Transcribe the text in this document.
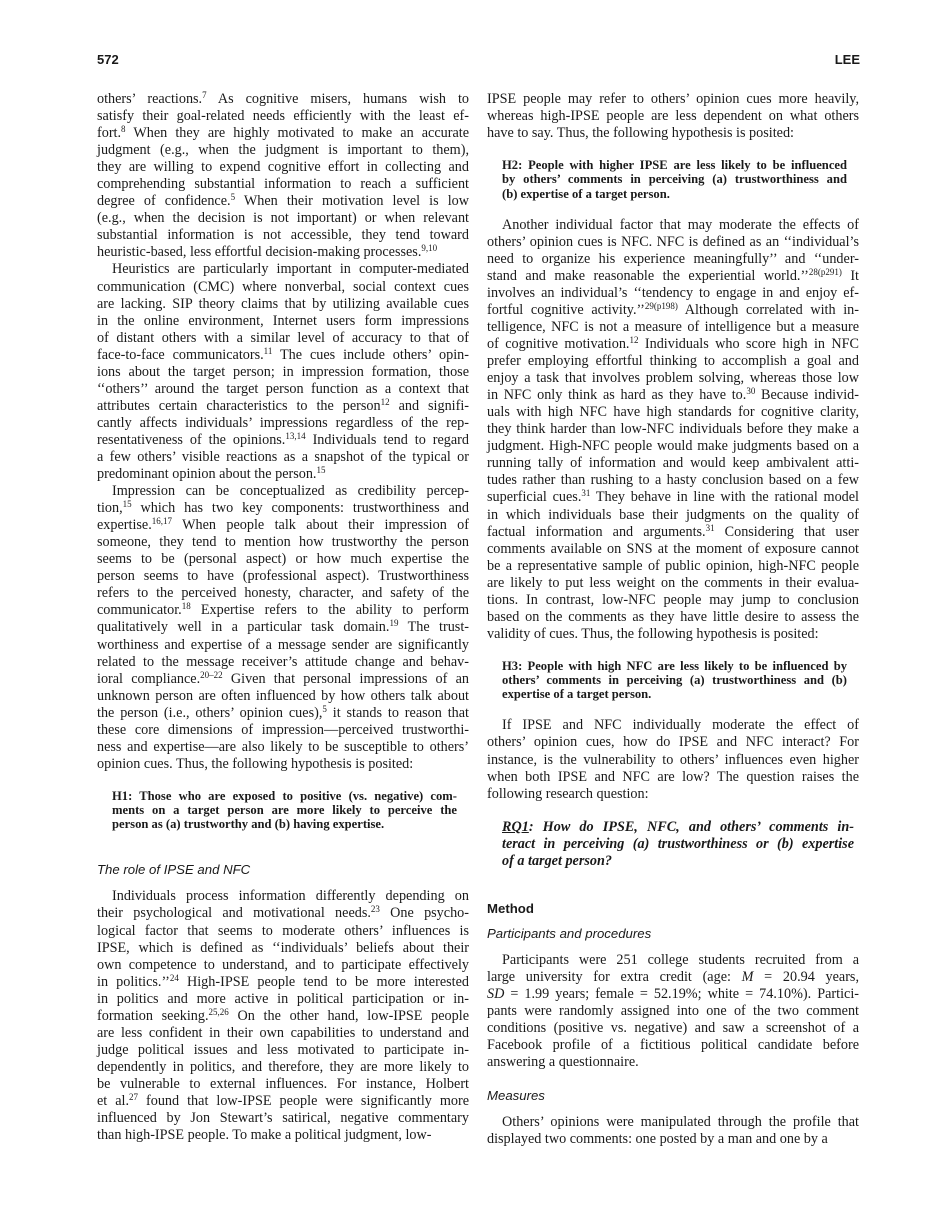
572	LEE
others’ reactions.$^7$ As cognitive misers, humans wish to
satisfy their goal-related needs efficiently with the least ef-
fort.$^8$ When they are highly motivated to make an accurate
judgment (e.g., when the judgment is important to them),
they are willing to expend cognitive effort in collecting and
comprehending substantial information to reach a sufficient
degree of confidence.$^5$ When their motivation level is low
(e.g., when the decision is not important) or when relevant
substantial information is not accessible, they tend toward
heuristic-based, less effortful decision-making processes.$^{9,10}$
Heuristics are particularly important in computer-mediated
communication (CMC) where nonverbal, social context cues
are lacking. SIP theory claims that by utilizing available cues
in the online environment, Internet users form impressions
of distant others with a similar level of accuracy to that of
face-to-face communicators.$^{11}$ The cues include others’ opin-
ions about the target person; in impression formation, those
‘‘others’’ around the target person function as a context that
attributes certain characteristics to the person$^{12}$ and signifi-
cantly affects individuals’ impressions regardless of the rep-
resentativeness of the opinions.$^{13,14}$ Individuals tend to regard
a few others’ visible reactions as a snapshot of the typical or
predominant opinion about the person.$^{15}$
Impression can be conceptualized as credibility percep-
tion,$^{15}$ which has two key components: trustworthiness and
expertise.$^{16,17}$ When people talk about their impression of
someone, they tend to mention how trustworthy the person
seems to be (personal aspect) or how much expertise the
person seems to have (professional aspect). Trustworthiness
refers to the perceived honesty, character, and safety of the
communicator.$^{18}$ Expertise refers to the ability to perform
qualitatively well in a particular task domain.$^{19}$ The trust-
worthiness and expertise of a message sender are significantly
related to the message receiver’s attitude change and behav-
ioral compliance.$^{20-22}$ Given that personal impressions of an
unknown person are often influenced by how others talk about
the person (i.e., others’ opinion cues),$^5$ it stands to reason that
these core dimensions of impression—perceived trustworthi-
ness and expertise—are also likely to be susceptible to others’
opinion cues. Thus, the following hypothesis is posited:
H1: Those who are exposed to positive (vs. negative) com-
ments on a target person are more likely to perceive the
person as (a) trustworthy and (b) having expertise.
The role of IPSE and NFC
Individuals process information differently depending on
their psychological and motivational needs.$^{23}$ One psycho-
logical factor that seems to moderate others’ influences is
IPSE, which is defined as ‘‘individuals’ beliefs about their
own competence to understand, and to participate effectively
in politics.’’$^{24}$ High-IPSE people tend to be more interested
in politics and more active in political participation or in-
formation seeking.$^{25,26}$ On the other hand, low-IPSE people
are less confident in their own capabilities to understand and
judge political issues and less motivated to participate in-
dependently in politics, and therefore, they are more likely to
be vulnerable to external influences. For instance, Holbert
et al.$^{27}$ found that low-IPSE people were significantly more
influenced by Jon Stewart’s satirical, negative commentary
than high-IPSE people. To make a political judgment, low-
IPSE people may refer to others’ opinion cues more heavily,
whereas high-IPSE people are less dependent on what others
have to say. Thus, the following hypothesis is posited:
H2: People with higher IPSE are less likely to be influenced
by others’ comments in perceiving (a) trustworthiness and
(b) expertise of a target person.
Another individual factor that may moderate the effects of
others’ opinion cues is NFC. NFC is defined as an ‘‘individual’s
need to organize his experience meaningfully’’ and ‘‘under-
stand and make reasonable the experiential world.’’$^{28(p291)}$ It
involves an individual’s ‘‘tendency to engage in and enjoy ef-
fortful cognitive activity.’’$^{29(p198)}$ Although correlated with in-
telligence, NFC is not a measure of intelligence but a measure
of cognitive motivation.$^{12}$ Individuals who score high in NFC
prefer employing effortful thinking to accomplish a goal and
enjoy a task that involves problem solving, whereas those low
in NFC only think as hard as they have to.$^{30}$ Because individ-
uals with high NFC have high standards for cognitive clarity,
they think harder than low-NFC individuals before they make a
judgment. High-NFC people would make judgments based on a
running tally of information and would keep ambivalent atti-
tudes rather than rushing to a hasty conclusion based on a few
superficial cues.$^{31}$ They behave in line with the rational model
in which individuals base their judgments on the quality of
factual information and arguments.$^{31}$ Considering that user
comments available on SNS at the moment of exposure cannot
be a representative sample of public opinion, high-NFC people
are likely to put less weight on the comments in their evalua-
tions. In contrast, low-NFC people may jump to conclusion
based on the comments as they have little desire to assess the
validity of cues. Thus, the following hypothesis is posited:
H3: People with high NFC are less likely to be influenced by
others’ comments in perceiving (a) trustworthiness and (b)
expertise of a target person.
If IPSE and NFC individually moderate the effect of
others’ opinion cues, how do IPSE and NFC interact? For
instance, is the vulnerability to others’ influences even higher
when both IPSE and NFC are low? The question raises the
following research question:
RQ1: How do IPSE, NFC, and others’ comments in-
teract in perceiving (a) trustworthiness or (b) expertise
of a target person?
Method
Participants and procedures
Participants were 251 college students recruited from a
large university for extra credit (age: M = 20.94 years,
SD = 1.99 years; female = 52.19%; white = 74.10%). Partici-
pants were randomly assigned into one of the two comment
conditions (positive vs. negative) and saw a screenshot of a
Facebook profile of a fictitious political candidate before
answering a questionnaire.
Measures
Others’ opinions were manipulated through the profile that
displayed two comments: one posted by a man and one by a
